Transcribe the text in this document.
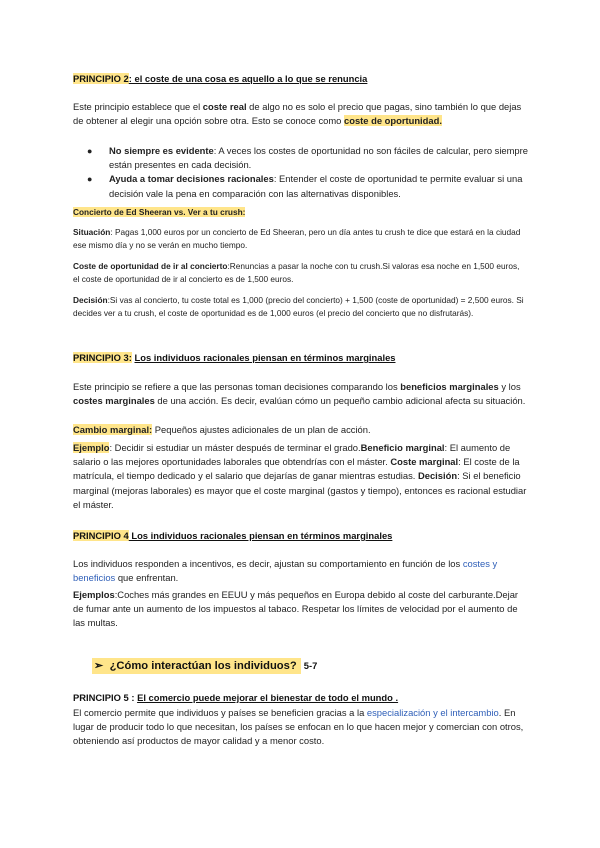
PRINCIPIO 2: el coste de una cosa es aquello a lo que se renuncia
Este principio establece que el coste real de algo no es solo el precio que pagas, sino también lo que dejas de obtener al elegir una opción sobre otra. Esto se conoce como coste de oportunidad.
● No siempre es evidente: A veces los costes de oportunidad no son fáciles de calcular, pero siempre están presentes en cada decisión.
● Ayuda a tomar decisiones racionales: Entender el coste de oportunidad te permite evaluar si una decisión vale la pena en comparación con las alternativas disponibles.
Concierto de Ed Sheeran vs. Ver a tu crush:
Situación: Pagas 1,000 euros por un concierto de Ed Sheeran, pero un día antes tu crush te dice que estará en la ciudad ese mismo día y no se verán en mucho tiempo.
Coste de oportunidad de ir al concierto:Renuncias a pasar la noche con tu crush.Si valoras esa noche en 1,500 euros, el coste de oportunidad de ir al concierto es de 1,500 euros.
Decisión:Si vas al concierto, tu coste total es 1,000 (precio del concierto) + 1,500 (coste de oportunidad) = 2,500 euros. Si decides ver a tu crush, el coste de oportunidad es de 1,000 euros (el precio del concierto que no disfrutarás).
PRINCIPIO 3: Los individuos racionales piensan en términos marginales
Este principio se refiere a que las personas toman decisiones comparando los beneficios marginales y los costes marginales de una acción. Es decir, evalúan cómo un pequeño cambio adicional afecta su situación.
Cambio marginal: Pequeños ajustes adicionales de un plan de acción.
Ejemplo: Decidir si estudiar un máster después de terminar el grado.Beneficio marginal: El aumento de salario o las mejores oportunidades laborales que obtendrías con el máster. Coste marginal: El coste de la matrícula, el tiempo dedicado y el salario que dejarías de ganar mientras estudias. Decisión: Si el beneficio marginal (mejoras laborales) es mayor que el coste marginal (gastos y tiempo), entonces es racional estudiar el máster.
PRINCIPIO 4 Los individuos racionales piensan en términos marginales
Los individuos responden a incentivos, es decir, ajustan su comportamiento en función de los costes y beneficios que enfrentan.
Ejemplos:Coches más grandes en EEUU y más pequeños en Europa debido al coste del carburante.Dejar de fumar ante un aumento de los impuestos al tabaco. Respetar los límites de velocidad por el aumento de las multas.
➢ ¿Cómo interactúan los individuos? 5-7
PRINCIPIO 5 : El comercio puede mejorar el bienestar de todo el mundo .
El comercio permite que individuos y países se beneficien gracias a la especialización y el intercambio. En lugar de producir todo lo que necesitan, los países se enfocan en lo que hacen mejor y comercian con otros, obteniendo así productos de mayor calidad y a menor costo.
